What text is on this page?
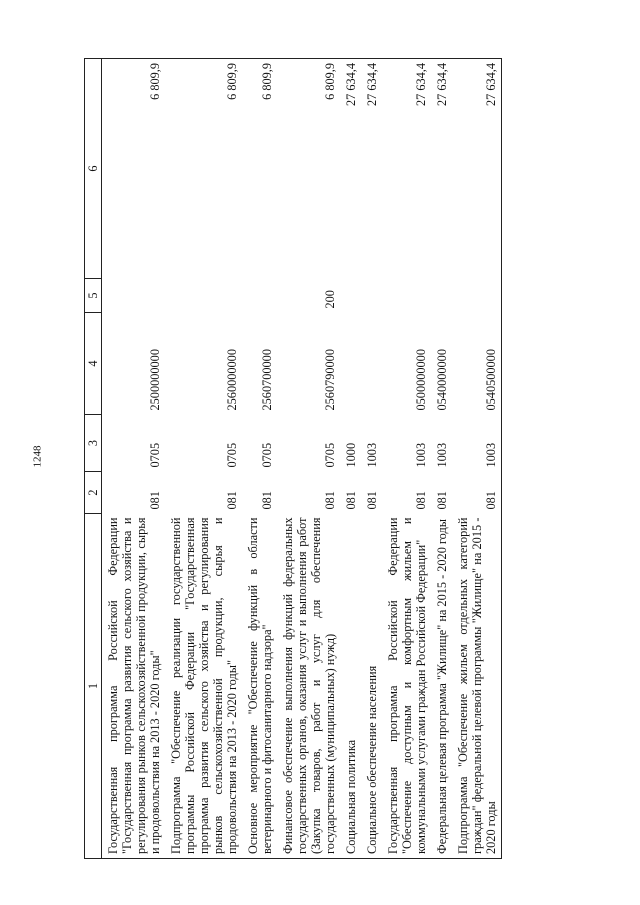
1248
1	2	3	4	5	6
Государственная программа Российской Федерации "Государственная программа развития сельского хозяйства и регулирования рынков сельскохозяйственной продукции, сырья и продовольствия на 2013 - 2020 годы"	081	0705	2500000000		6 809,9
Подпрограмма "Обеспечение реализации государственной программы Российской Федерации "Государственная программа развития сельского хозяйства и регулирования рынков сельскохозяйственной продукции, сырья и продовольствия на 2013 - 2020 годы"	081	0705	2560000000		6 809,9
Основное мероприятие "Обеспечение функций в области ветеринарного и фитосанитарного надзора"	081	0705	2560700000		6 809,9
Финансовое обеспечение выполнения функций федеральных государственных органов, оказания услуг и выполнения работ (Закупка товаров, работ и услуг для обеспечения государственных (муниципальных) нужд)	081	0705	2560790000	200	6 809,9
Социальная политика	081	1000			27 634,4
Социальное обеспечение населения	081	1003			27 634,4
Государственная программа Российской Федерации "Обеспечение доступным и комфортным жильем и коммунальными услугами граждан Российской Федерации"	081	1003	0500000000		27 634,4
Федеральная целевая программа "Жилище" на 2015 - 2020 годы	081	1003	0540000000		27 634,4
Подпрограмма "Обеспечение жильем отдельных категорий граждан" федеральной целевой программы "Жилище" на 2015 - 2020 годы	081	1003	0540500000		27 634,4
